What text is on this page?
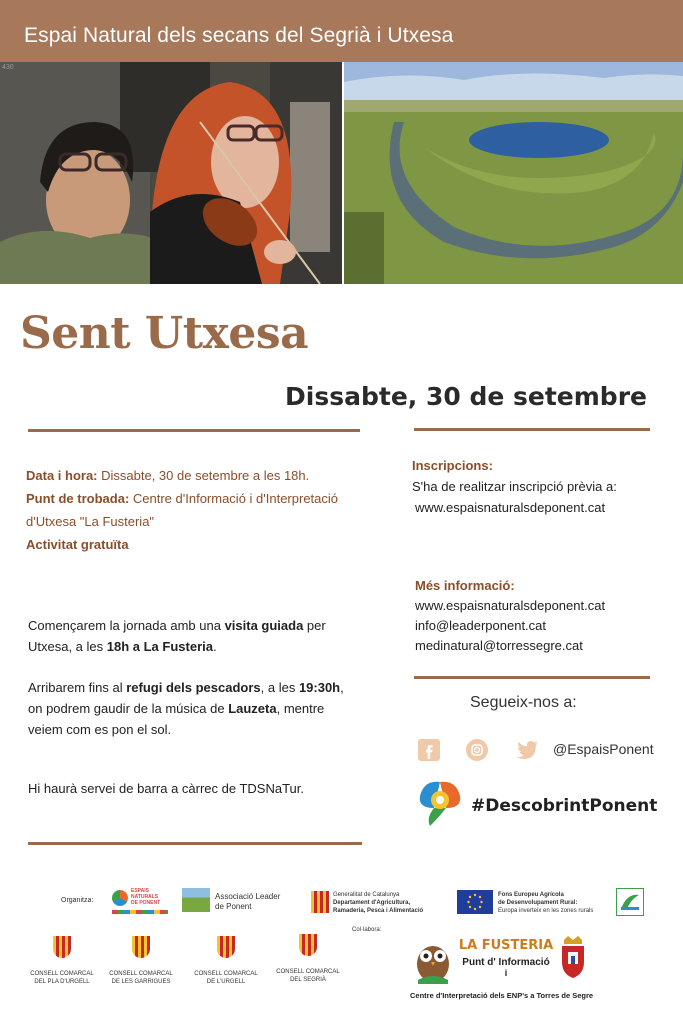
Espai Natural dels secans del Segrià i Utxesa
430
Sent Utxesa
Dissabte, 30 de setembre
Data i hora: Dissabte, 30 de setembre a les 18h.
Punt de trobada: Centre d'Informació i d'Interpretació
d'Utxesa "La Fusteria"
Activitat gratuïta
Inscripcions:
S'ha de realitzar inscripció prèvia a:
www.espaisnaturalsdeponent.cat
Més informació:
www.espaisnaturalsdeponent.cat
info@leaderponent.cat
medinatural@torressegre.cat
Començarem la jornada amb una visita guiada per
Utxesa, a les 18h a La Fusteria.
Arribarem fins al refugi dels pescadors, a les 19:30h,
on podrem gaudir de la música de Lauzeta, mentre
veiem com es pon el sol.
Hi haurà servei de barra a càrrec de TDSNaTur.
Segueix-nos a:
@EspaisPonent
#DescobrintPonent
Organitza:
ESPAIS
NATURALS
DE PONENT
Associació Leader
de Ponent
Generalitat de Catalunya
Departament d'Agricultura,
Ramaderia, Pesca i Alimentació
Fons Europeu Agrícola
de Desenvolupament Rural:
Europa inverteix en les zones rurals
CONSELL COMARCAL
DEL PLA D'URGELL
CONSELL COMARCAL
DE LES GARRIGUES
CONSELL COMARCAL
DE L'URGELL
CONSELL COMARCAL
DEL SEGRIÀ
Col·labora:
LA FUSTERIA
Punt d' Informació
i
Centre d'Interpretació dels ENP's a Torres de Segre
